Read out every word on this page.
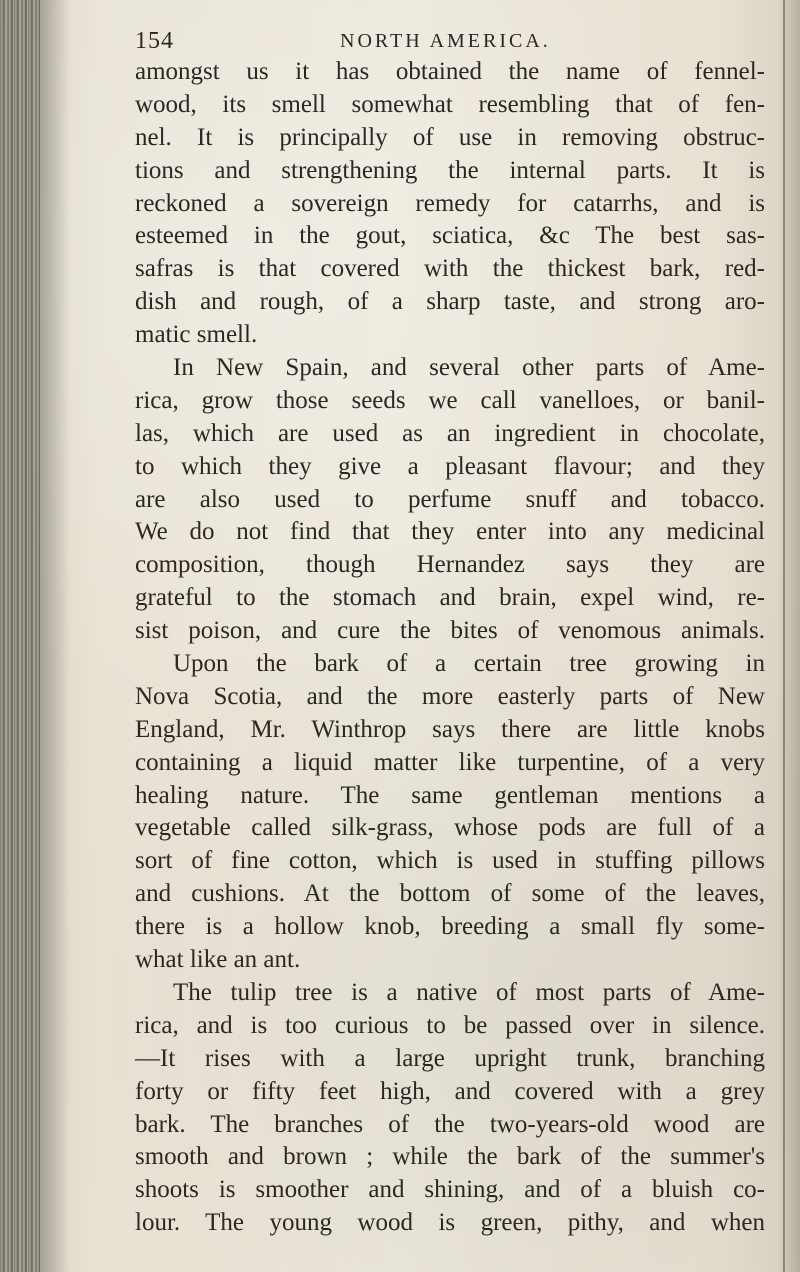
154	NORTH AMERICA.
amongst us it has obtained the name of fennel-
wood, its smell somewhat resembling that of fen-
nel. It is principally of use in removing obstruc-
tions and strengthening the internal parts. It is
reckoned a sovereign remedy for catarrhs, and is
esteemed in the gout, sciatica, &c The best sas-
safras is that covered with the thickest bark, red-
dish and rough, of a sharp taste, and strong aro-
matic smell.
In New Spain, and several other parts of Ame-
rica, grow those seeds we call vanelloes, or banil-
las, which are used as an ingredient in chocolate,
to which they give a pleasant flavour; and they
are also used to perfume snuff and tobacco.
We do not find that they enter into any medicinal
composition, though Hernandez says they are
grateful to the stomach and brain, expel wind, re-
sist poison, and cure the bites of venomous animals.
Upon the bark of a certain tree growing in
Nova Scotia, and the more easterly parts of New
England, Mr. Winthrop says there are little knobs
containing a liquid matter like turpentine, of a very
healing nature. The same gentleman mentions a
vegetable called silk-grass, whose pods are full of a
sort of fine cotton, which is used in stuffing pillows
and cushions. At the bottom of some of the leaves,
there is a hollow knob, breeding a small fly some-
what like an ant.
The tulip tree is a native of most parts of Ame-
rica, and is too curious to be passed over in silence.
—It rises with a large upright trunk, branching
forty or fifty feet high, and covered with a grey
bark. The branches of the two-years-old wood are
smooth and brown ; while the bark of the summer's
shoots is smoother and shining, and of a bluish co-
lour. The young wood is green, pithy, and when
